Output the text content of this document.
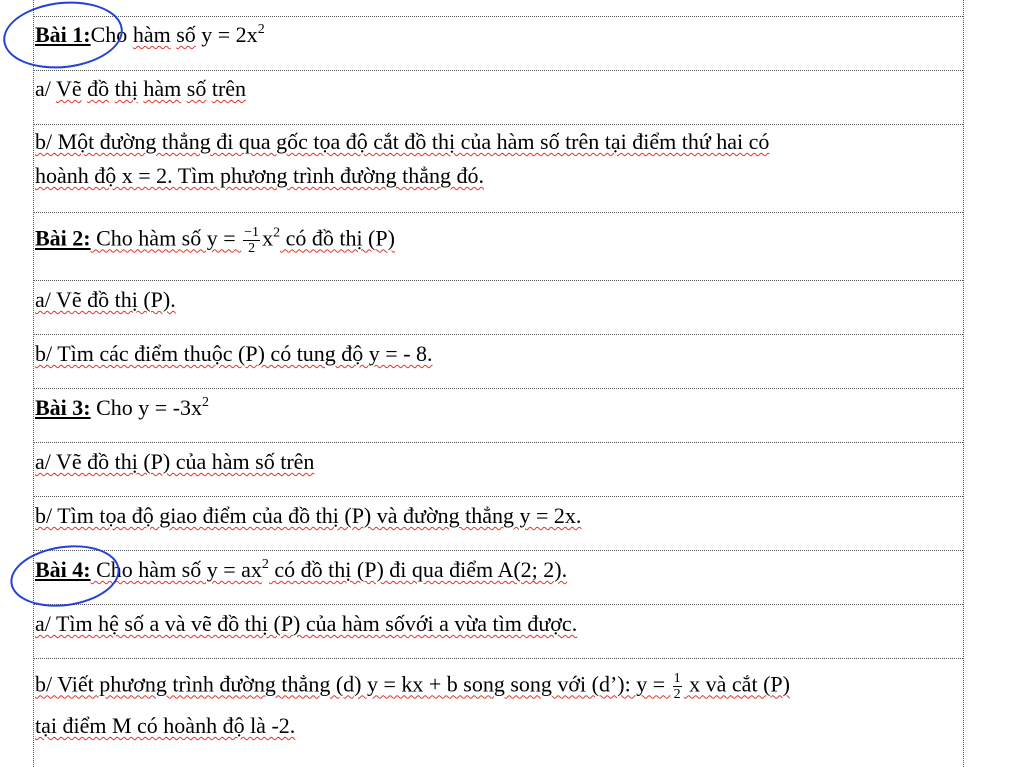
Bài 1:Cho hàm số $y = 2x^2$
a/ Vẽ đồ thị hàm số trên
b/ Một đường thẳng đi qua gốc tọa độ cắt đồ thị của hàm số trên tại điểm thứ hai có
hoành độ x = 2. Tìm phương trình đường thẳng đó.
Bài 2: Cho hàm số $y = \frac{-1}{2} x^2$ có đồ thị (P)
a/ Vẽ đồ thị (P).
b/ Tìm các điểm thuộc (P) có tung độ y = - 8.
Bài 3: Cho $y = -3x^2$
a/ Vẽ đồ thị (P) của hàm số trên
b/ Tìm tọa độ giao điểm của đồ thị (P) và đường thẳng y = 2x.
Bài 4: Cho hàm số $y = ax^2$ có đồ thị (P) đi qua điểm A(2; 2).
a/ Tìm hệ số a và vẽ đồ thị (P) của hàm sốvới a vừa tìm được.
b/ Viết phương trình đường thẳng (d) y = kx + b song song với (d’): $y = \frac{1}{2}$ x và cắt (P)
tại điểm M có hoành độ là -2.
